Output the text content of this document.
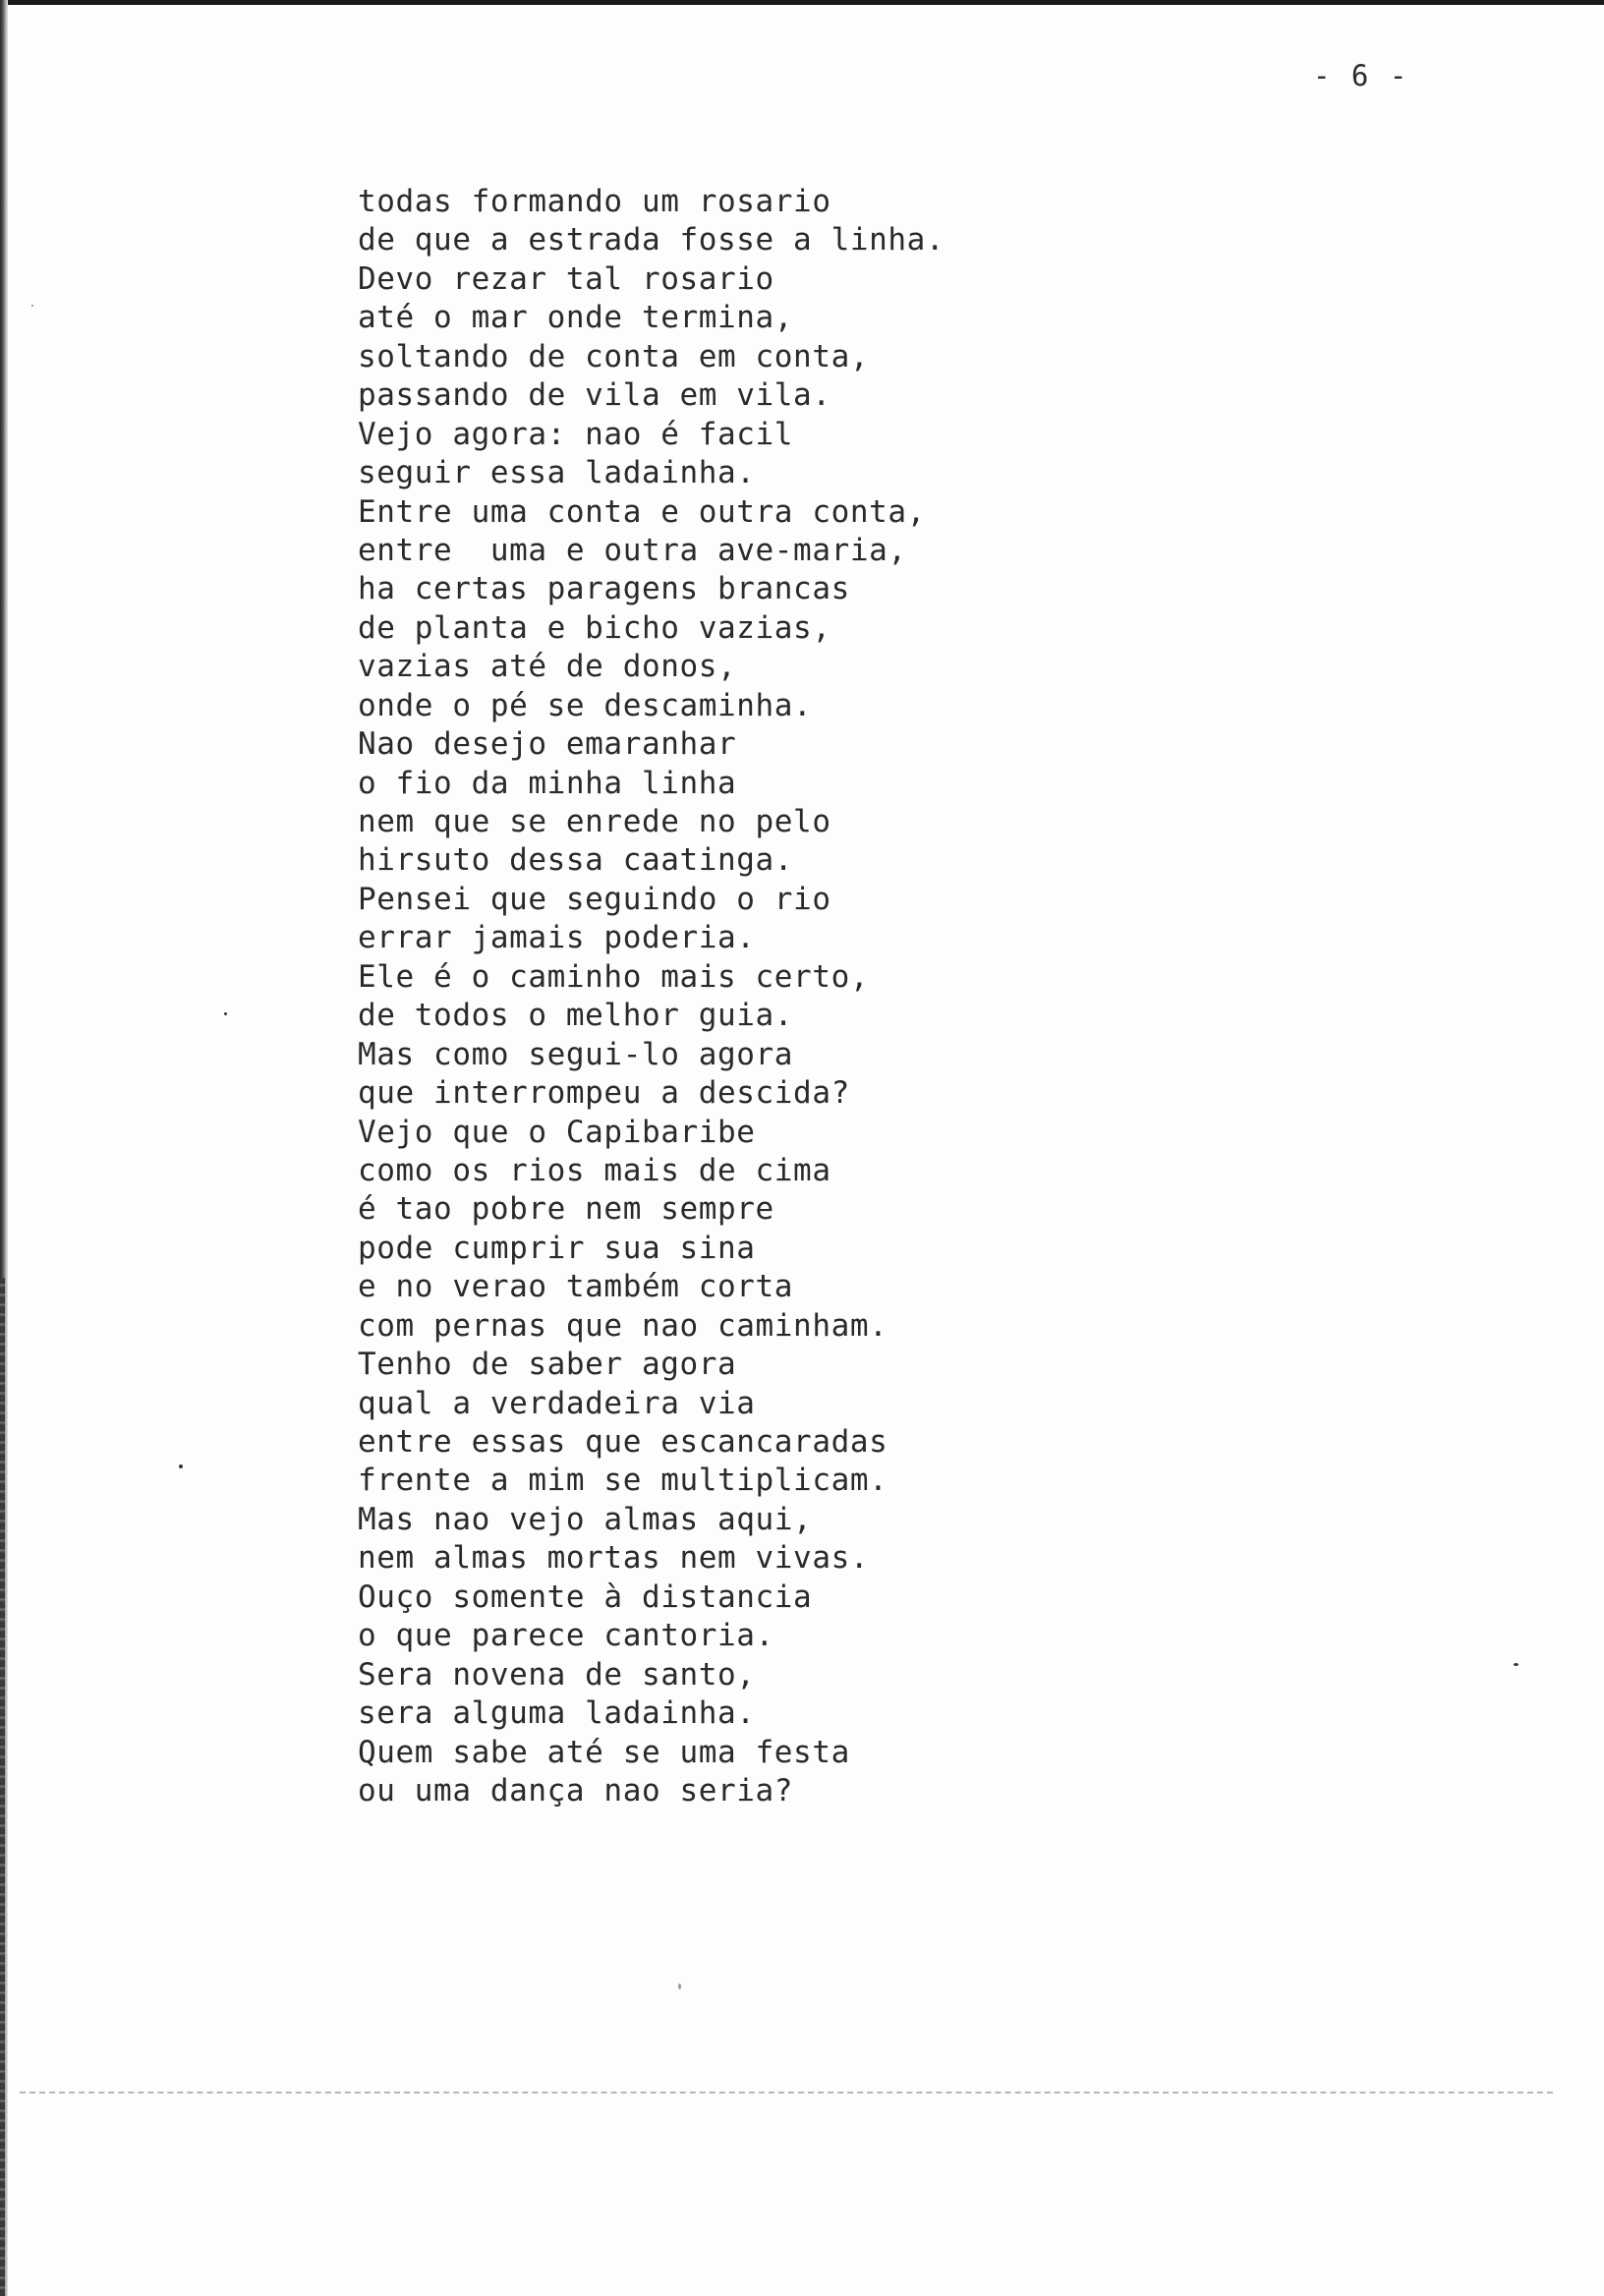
- 6 -
todas formando um rosario
de que a estrada fosse a linha.
Devo rezar tal rosario
até o mar onde termina,
soltando de conta em conta,
passando de vila em vila.
Vejo agora: nao é facil
seguir essa ladainha.
Entre uma conta e outra conta,
entre  uma e outra ave-maria,
ha certas paragens brancas
de planta e bicho vazias,
vazias até de donos,
onde o pé se descaminha.
Nao desejo emaranhar
o fio da minha linha
nem que se enrede no pelo
hirsuto dessa caatinga.
Pensei que seguindo o rio
errar jamais poderia.
Ele é o caminho mais certo,
de todos o melhor guia.
Mas como segui-lo agora
que interrompeu a descida?
Vejo que o Capibaribe
como os rios mais de cima
é tao pobre nem sempre
pode cumprir sua sina
e no verao também corta
com pernas que nao caminham.
Tenho de saber agora
qual a verdadeira via
entre essas que escancaradas
frente a mim se multiplicam.
Mas nao vejo almas aqui,
nem almas mortas nem vivas.
Ouço somente à distancia
o que parece cantoria.
Sera novena de santo,
sera alguma ladainha.
Quem sabe até se uma festa
ou uma dança nao seria?
